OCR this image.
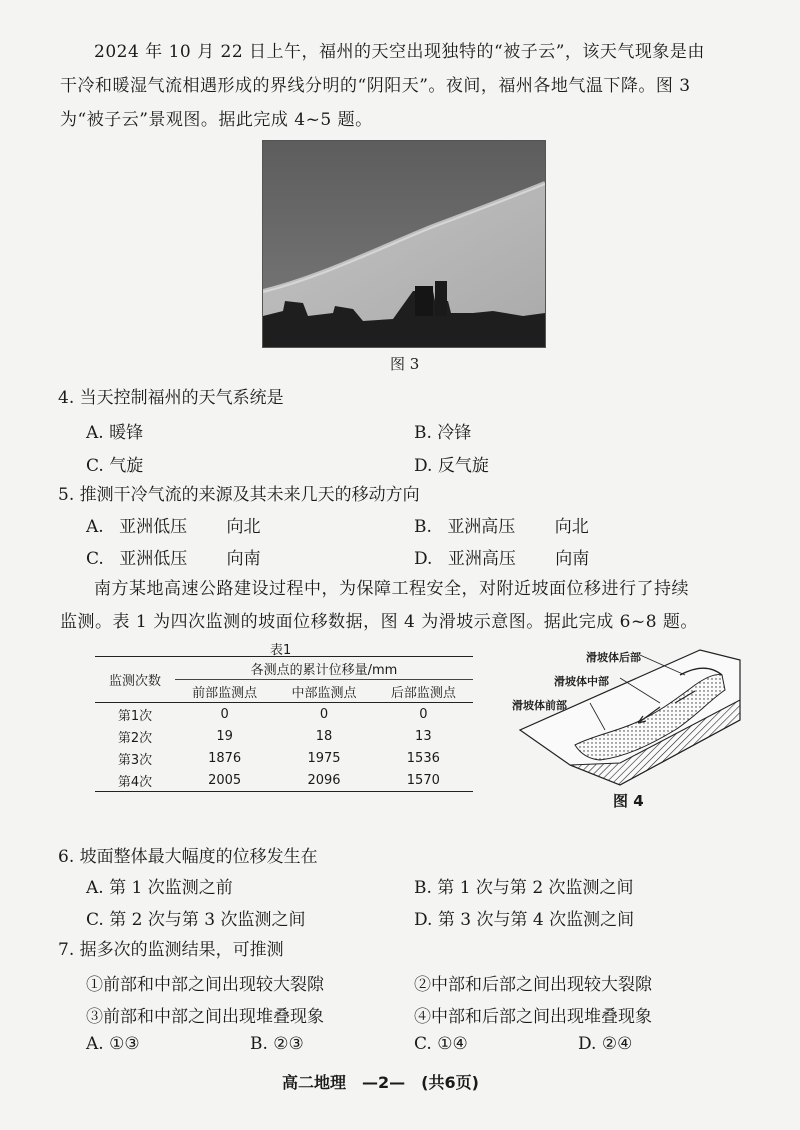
2024 年 10 月 22 日上午，福州的天空出现独特的“被子云”，该天气现象是由
干冷和暖湿气流相遇形成的界线分明的“阴阳天”。夜间，福州各地气温下降。图 3
为“被子云”景观图。据此完成 4~5 题。
图 3
4. 当天控制福州的天气系统是
A. 暖锋	B. 冷锋
C. 气旋	D. 反气旋
5. 推测干冷气流的来源及其未来几天的移动方向
A. 亚洲低压 向北	B. 亚洲高压 向北
C. 亚洲低压 向南	D. 亚洲高压 向南
南方某地高速公路建设过程中，为保障工程安全，对附近坡面位移进行了持续
监测。表 1 为四次监测的坡面位移数据，图 4 为滑坡示意图。据此完成 6~8 题。
表1
监测次数	各测点的累计位移量/mm		
	前部监测点	中部监测点	后部监测点
第1次	0	0	0
第2次	19	18	13
第3次	1876	1975	1536
第4次	2005	2096	1570
滑坡体后部
滑坡体中部
滑坡体前部
图 4
6. 坡面整体最大幅度的位移发生在
A. 第 1 次监测之前	B. 第 1 次与第 2 次监测之间
C. 第 2 次与第 3 次监测之间	D. 第 3 次与第 4 次监测之间
7. 据多次的监测结果，可推测
①前部和中部之间出现较大裂隙	②中部和后部之间出现较大裂隙
③前部和中部之间出现堆叠现象	④中部和后部之间出现堆叠现象
A. ①③	B. ②③	C. ①④	D. ②④
高二地理　—2—　(共6页)
